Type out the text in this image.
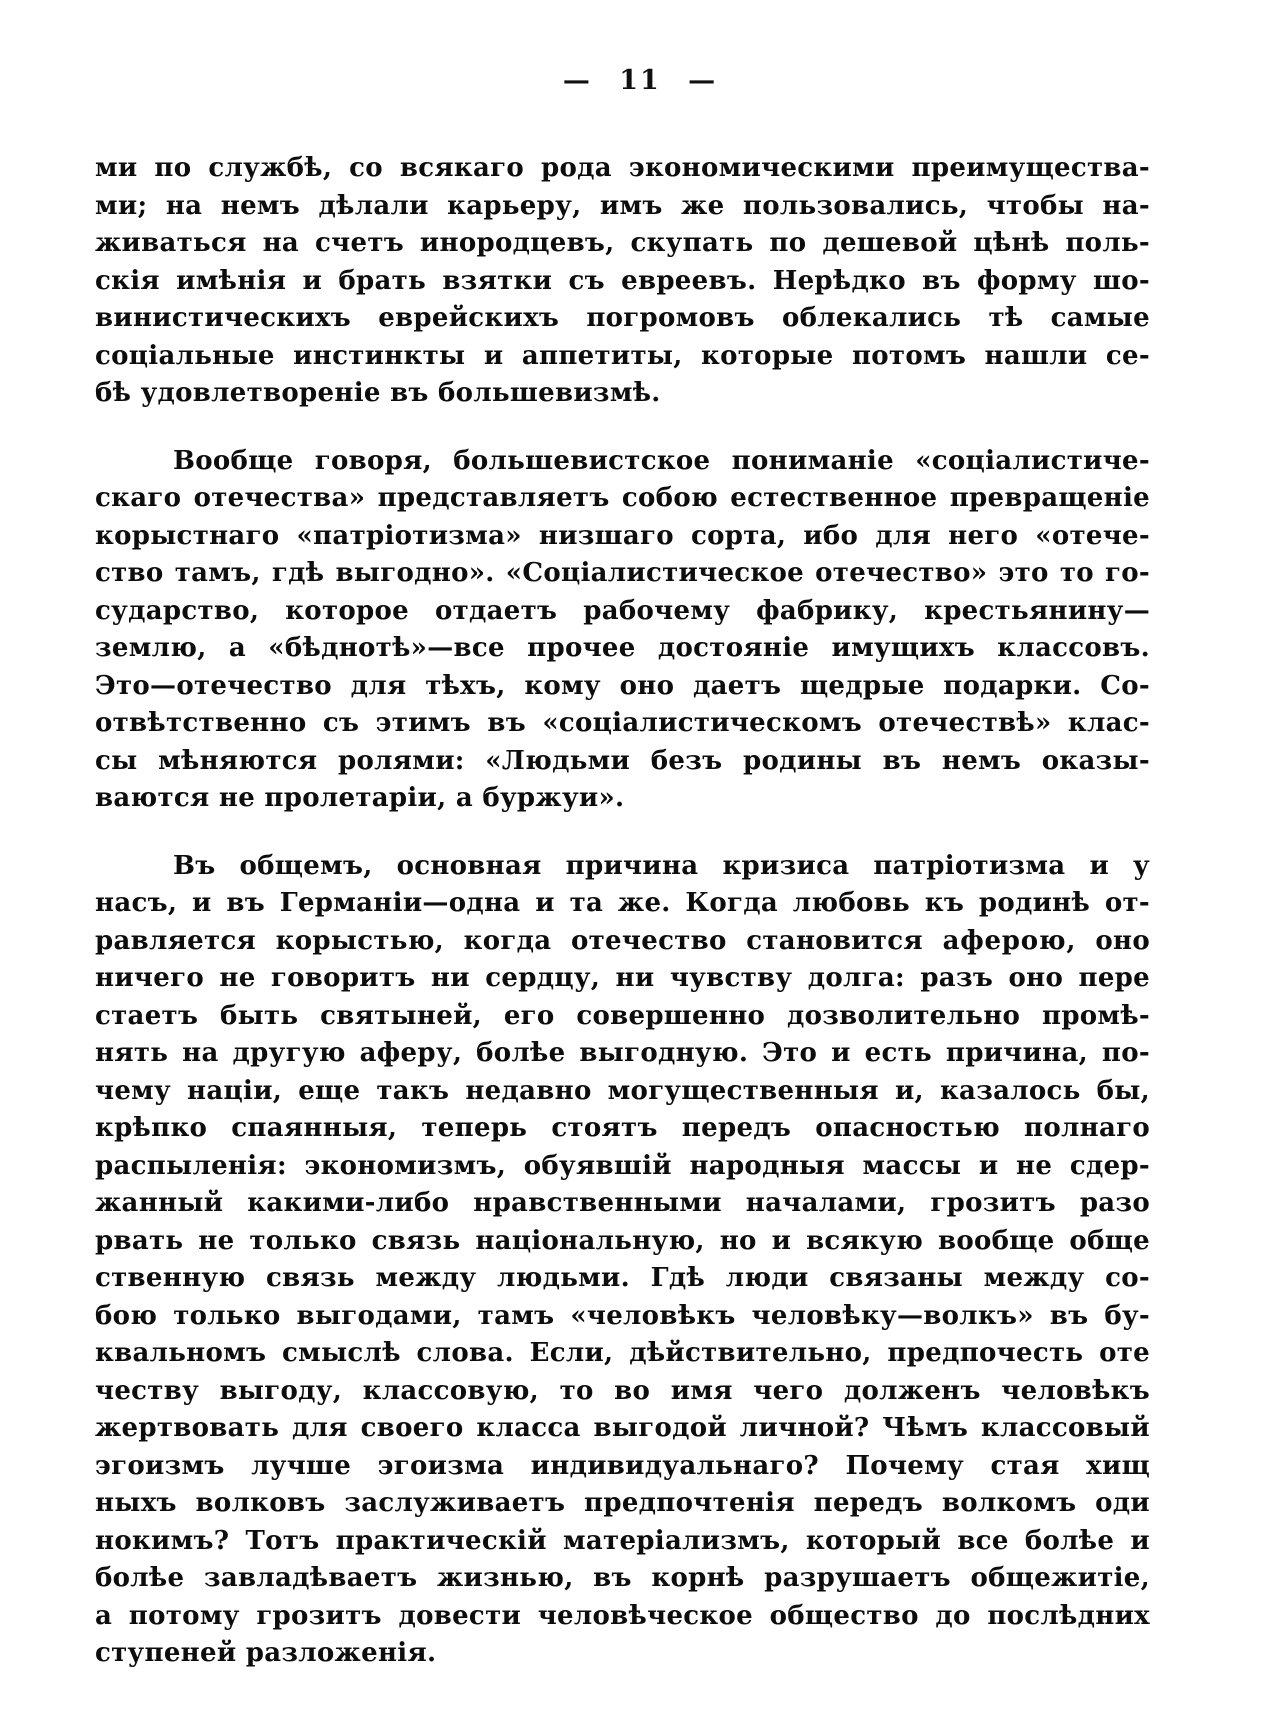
— 11 —
ми по службѣ, со всякаго рода экономическими преимущества-
ми; на немъ дѣлали карьеру, имъ же пользовались, чтобы на-
живаться на счетъ инородцевъ, скупать по дешевой цѣнѣ поль-
скія имѣнія и брать взятки съ евреевъ. Нерѣдко въ форму шо-
винистическихъ еврейскихъ погромовъ облекались тѣ самые
соціальные инстинкты и аппетиты, которые потомъ нашли се-
бѣ удовлетвореніе въ большевизмѣ.
Вообще говоря, большевистское пониманіе «соціалистиче-
скаго отечества» представляетъ собою естественное превращеніе
корыстнаго «патріотизма» низшаго сорта, ибо для него «отече-
ство тамъ, гдѣ выгодно». «Соціалистическое отечество» это то го-
сударство, которое отдаетъ рабочему фабрику, крестьянину—
землю, а «бѣднотѣ»—все прочее достояніе имущихъ классовъ.
Это—отечество для тѣхъ, кому оно даетъ щедрые подарки. Со-
отвѣтственно съ этимъ въ «соціалистическомъ отечествѣ» клас-
сы мѣняются ролями: «Людьми безъ родины въ немъ оказы-
ваются не пролетаріи, а буржуи».
Въ общемъ, основная причина кризиса патріотизма и у
насъ, и въ Германіи—одна и та же. Когда любовь къ родинѣ от-
равляется корыстью, когда отечество становится аферою, оно
ничего не говоритъ ни сердцу, ни чувству долга: разъ оно пере
стаетъ быть святыней, его совершенно дозволительно промѣ-
нять на другую аферу, болѣе выгодную. Это и есть причина, по-
чему націи, еще такъ недавно могущественныя и, казалось бы,
крѣпко спаянныя, теперь стоятъ передъ опасностью полнаго
распыленія: экономизмъ, обуявшій народныя массы и не сдер-
жанный какими-либо нравственными началами, грозитъ разо
рвать не только связь національную, но и всякую вообще обще
ственную связь между людьми. Гдѣ люди связаны между со-
бою только выгодами, тамъ «человѣкъ человѣку—волкъ» въ бу-
квальномъ смыслѣ слова. Если, дѣйствительно, предпочесть оте
честву выгоду, классовую, то во имя чего долженъ человѣкъ
жертвовать для своего класса выгодой личной? Чѣмъ классовый
эгоизмъ лучше эгоизма индивидуальнаго? Почему стая хищ
ныхъ волковъ заслуживаетъ предпочтенія передъ волкомъ оди
нокимъ? Тотъ практическій матеріализмъ, который все болѣе и
болѣе завладѣваетъ жизнью, въ корнѣ разрушаетъ общежитіе,
а потому грозитъ довести человѣческое общество до послѣдних
ступеней разложенія.
